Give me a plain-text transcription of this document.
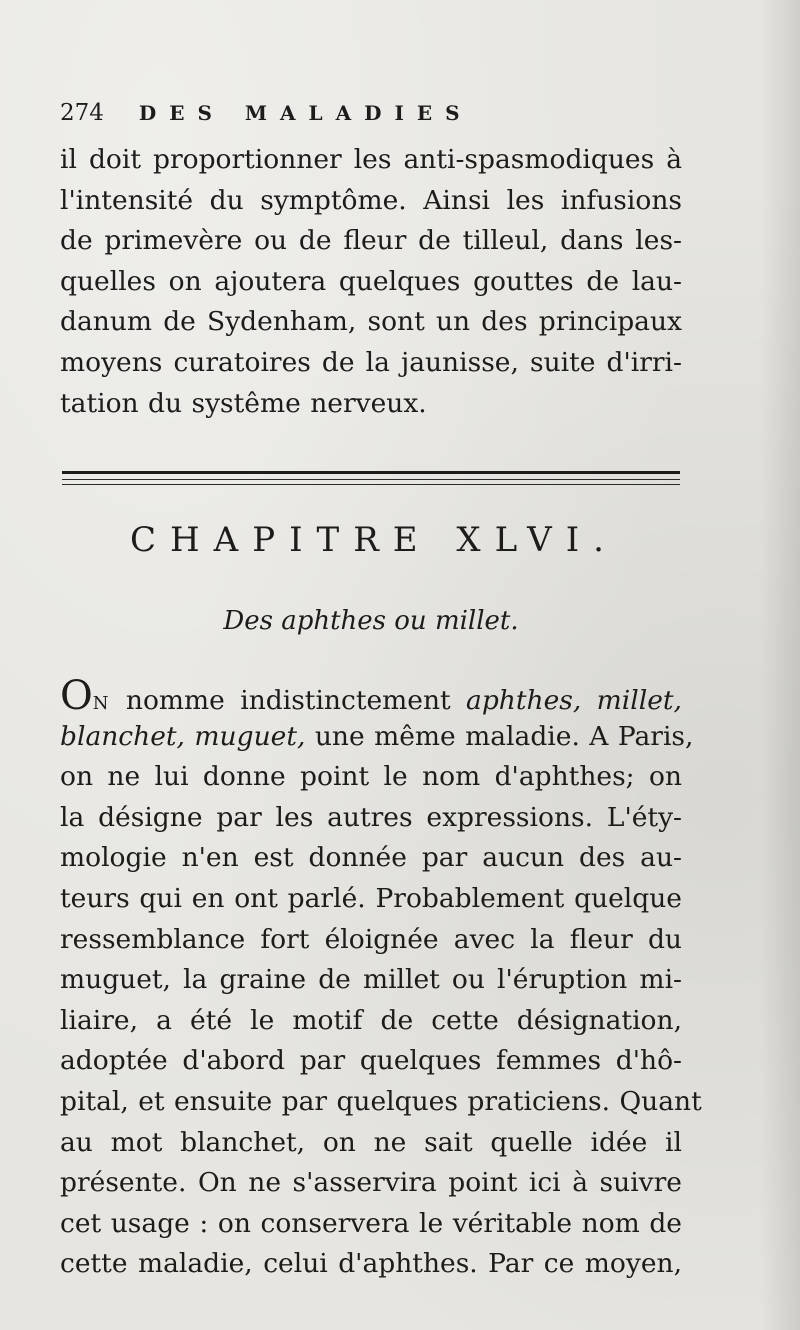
274 DES MALADIES
il doit proportionner les anti-spasmodiques à
l'intensité du symptôme. Ainsi les infusions
de primevère ou de fleur de tilleul, dans les-
quelles on ajoutera quelques gouttes de lau-
danum de Sydenham, sont un des principaux
moyens curatoires de la jaunisse, suite d'irri-
tation du systême nerveux.
CHAPITRE XLVI.
Des aphthes ou millet.
ON nomme indistinctement aphthes, millet,
blanchet, muguet, une même maladie. A Paris,
on ne lui donne point le nom d'aphthes; on
la désigne par les autres expressions. L'éty-
mologie n'en est donnée par aucun des au-
teurs qui en ont parlé. Probablement quelque
ressemblance fort éloignée avec la fleur du
muguet, la graine de millet ou l'éruption mi-
liaire, a été le motif de cette désignation,
adoptée d'abord par quelques femmes d'hô-
pital, et ensuite par quelques praticiens. Quant
au mot blanchet, on ne sait quelle idée il
présente. On ne s'asservira point ici à suivre
cet usage : on conservera le véritable nom de
cette maladie, celui d'aphthes. Par ce moyen,
